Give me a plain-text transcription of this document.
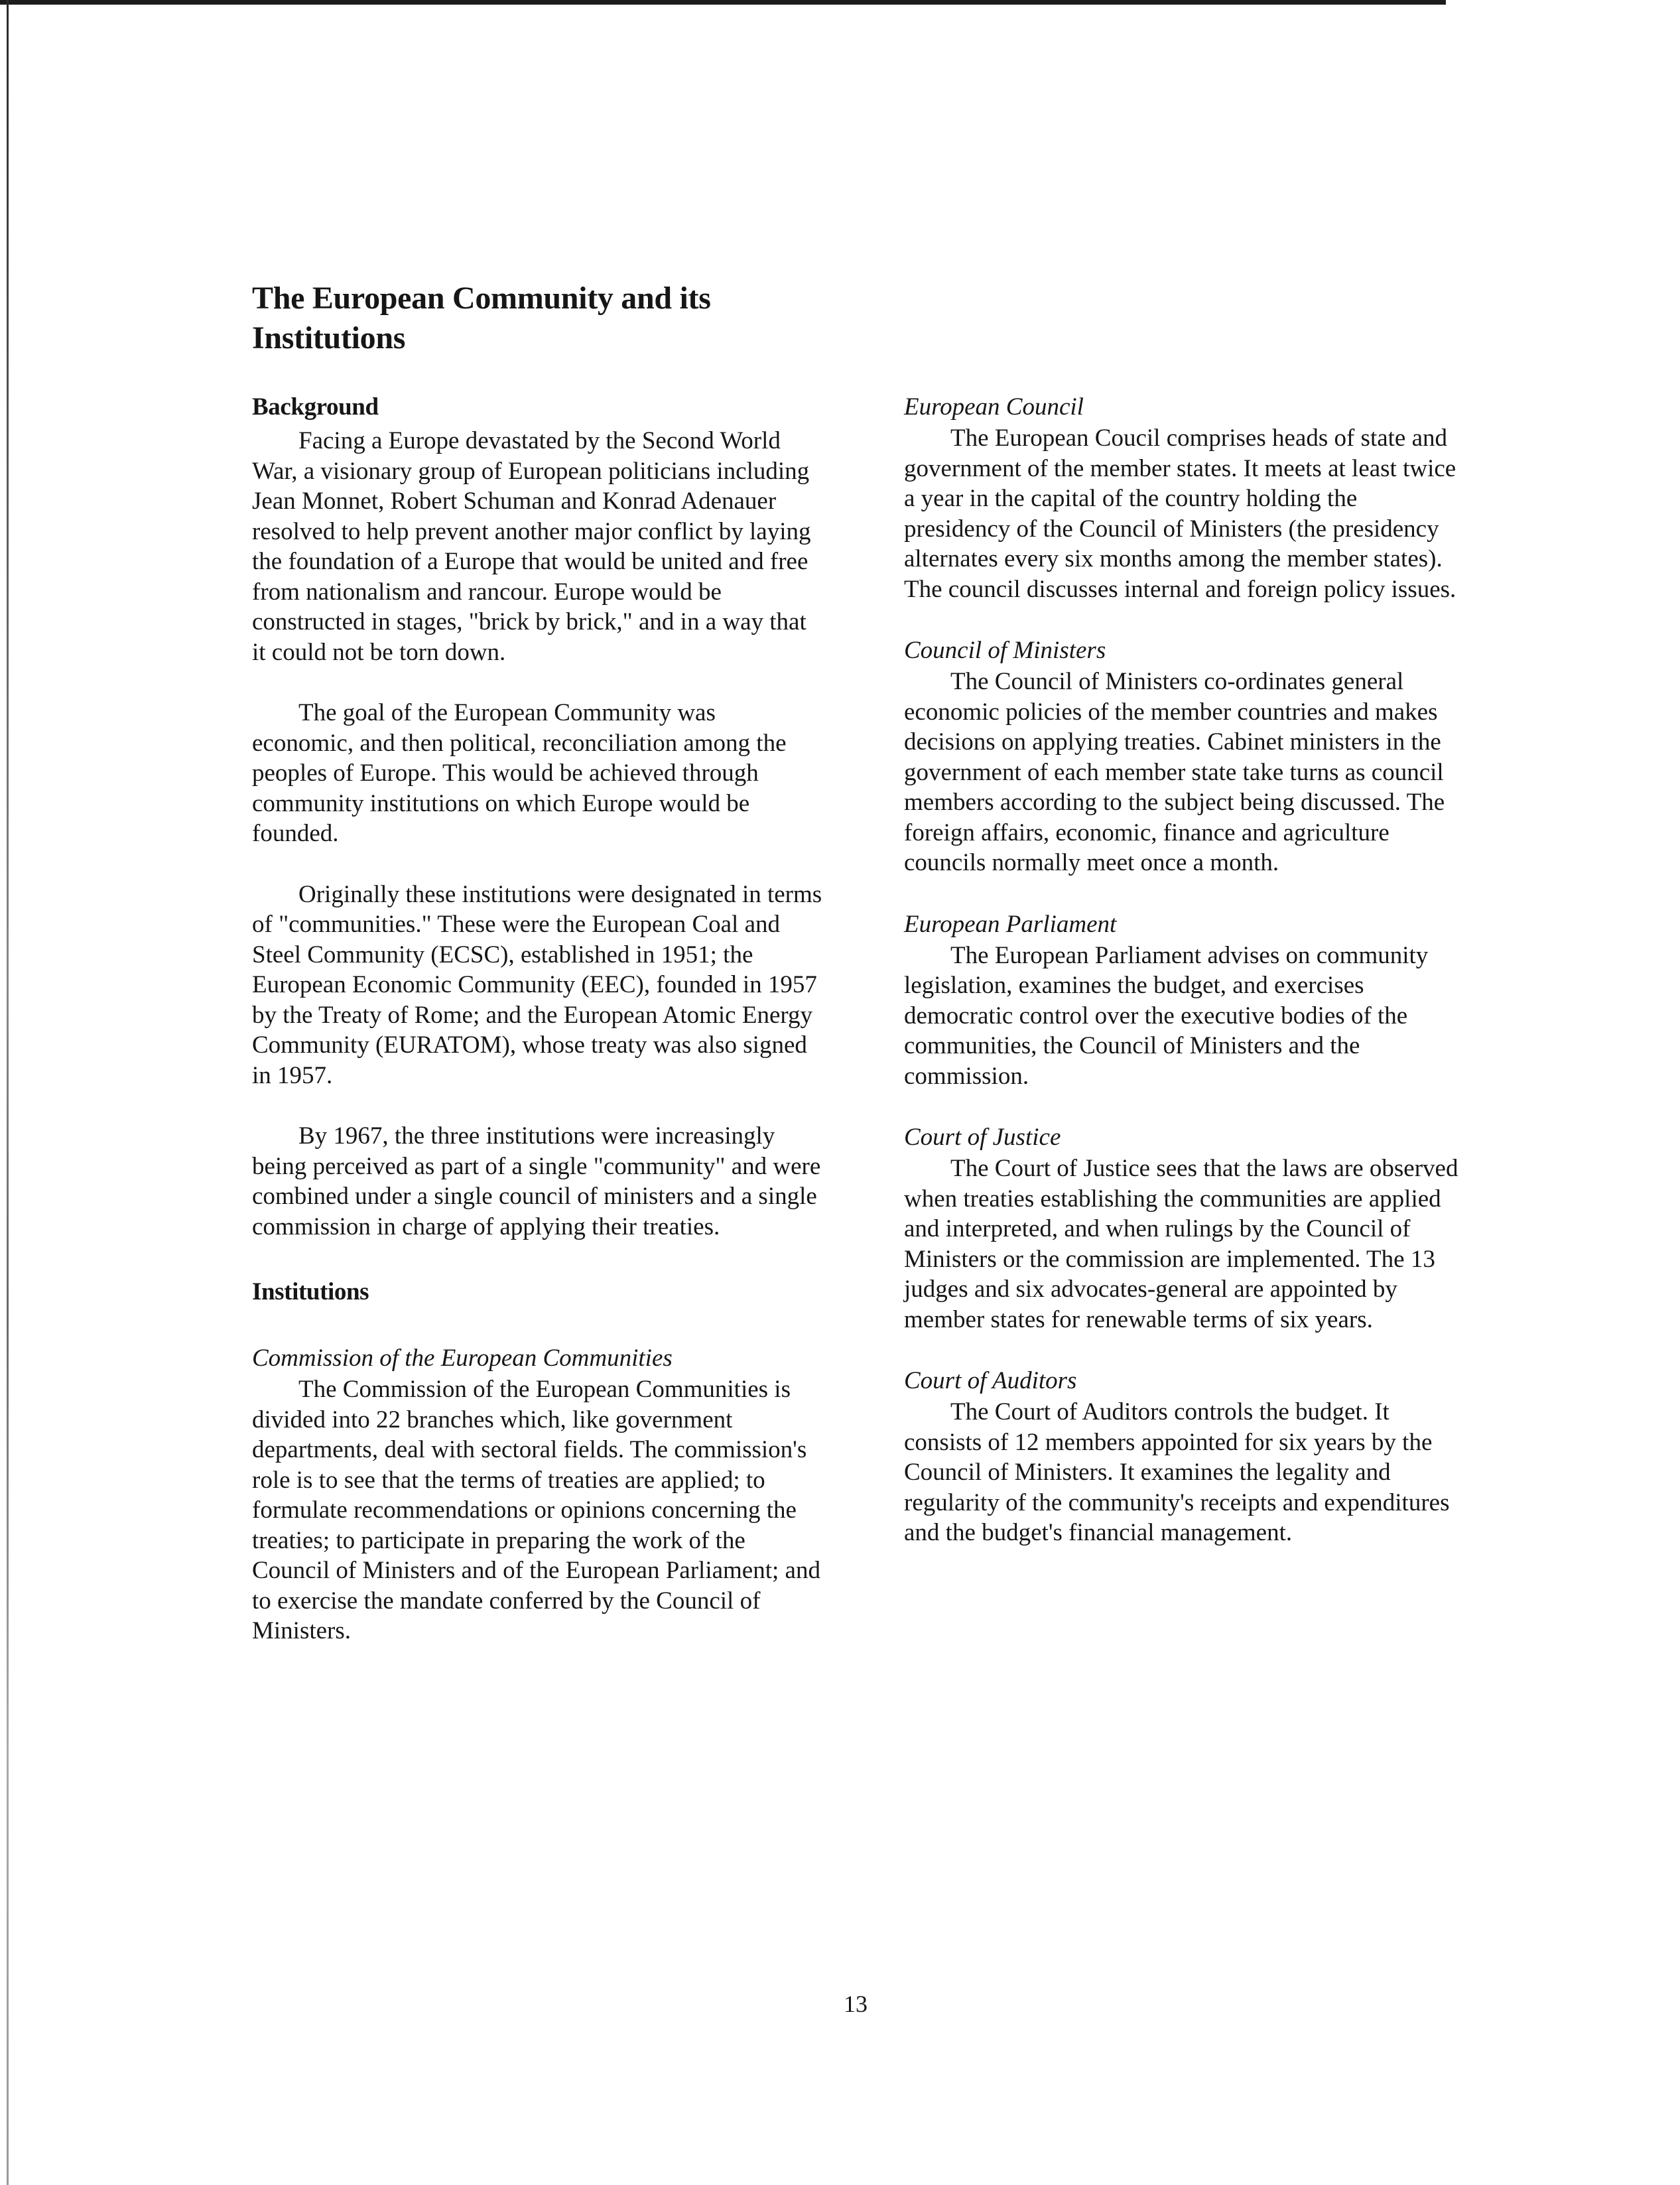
The European Community and its Institutions
Background

Facing a Europe devastated by the Second World War, a visionary group of European politicians including Jean Monnet, Robert Schuman and Konrad Adenauer resolved to help prevent another major conflict by laying the foundation of a Europe that would be united and free from nationalism and rancour. Europe would be constructed in stages, "brick by brick," and in a way that it could not be torn down.

The goal of the European Community was economic, and then political, reconciliation among the peoples of Europe. This would be achieved through community institutions on which Europe would be founded.

Originally these institutions were designated in terms of "communities." These were the European Coal and Steel Community (ECSC), established in 1951; the European Economic Community (EEC), founded in 1957 by the Treaty of Rome; and the European Atomic Energy Community (EURATOM), whose treaty was also signed in 1957.

By 1967, the three institutions were increasingly being perceived as part of a single "community" and were combined under a single council of ministers and a single commission in charge of applying their treaties.

Institutions
Commission of the European Communities

The Commission of the European Communities is divided into 22 branches which, like government departments, deal with sectoral fields. The commission's role is to see that the terms of treaties are applied; to formulate recommendations or opinions concerning the treaties; to participate in preparing the work of the Council of Ministers and of the European Parliament; and to exercise the mandate conferred by the Council of Ministers.

European Council

The European Coucil comprises heads of state and government of the member states. It meets at least twice a year in the capital of the country holding the presidency of the Council of Ministers (the presidency alternates every six months among the member states). The council discusses internal and foreign policy issues.

Council of Ministers

The Council of Ministers co-ordinates general economic policies of the member countries and makes decisions on applying treaties. Cabinet ministers in the government of each member state take turns as council members according to the subject being discussed. The foreign affairs, economic, finance and agriculture councils normally meet once a month.

European Parliament

The European Parliament advises on community legislation, examines the budget, and exercises democratic control over the executive bodies of the communities, the Council of Ministers and the commission.

Court of Justice

The Court of Justice sees that the laws are observed when treaties establishing the communities are applied and interpreted, and when rulings by the Council of Ministers or the commission are implemented. The 13 judges and six advocates-general are appointed by member states for renewable terms of six years.

Court of Auditors

The Court of Auditors controls the budget. It consists of 12 members appointed for six years by the Council of Ministers. It examines the legality and regularity of the community's receipts and expenditures and the budget's financial management.

13
